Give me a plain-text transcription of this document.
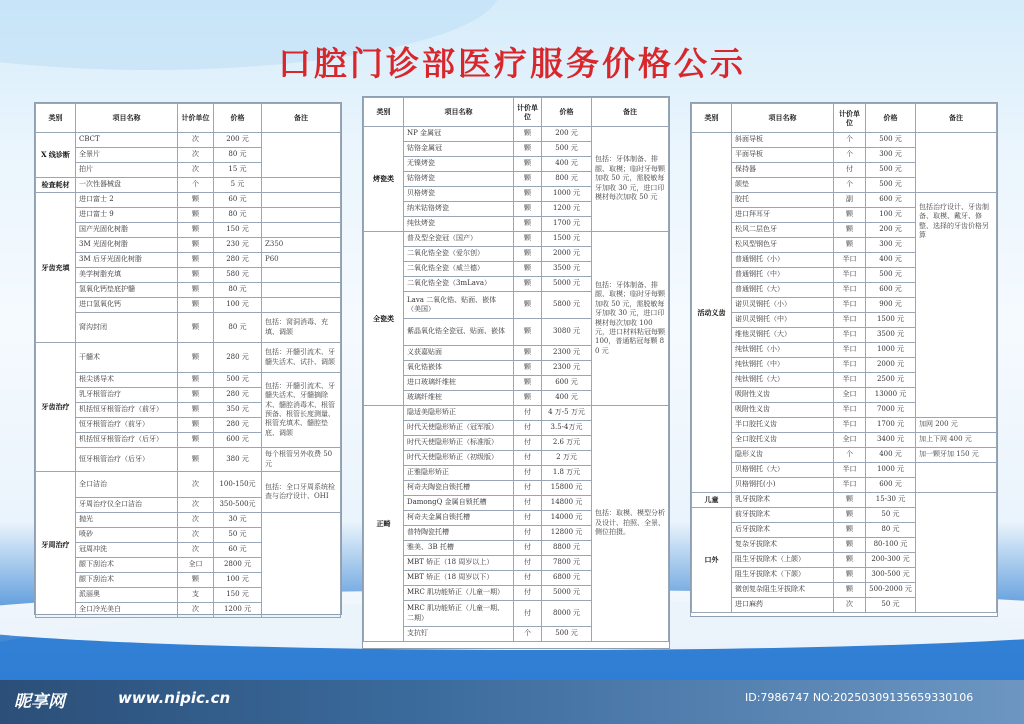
口腔门诊部医疗服务价格公示
类别	项目名称	计价单位	价格	备注
X 线诊断	CBCT	次	200 元	
	全景片	次	80 元	
	拍片	次	15 元	
检查耗材	一次性器械盘	个	5 元	
牙齿充填	进口富士 2	颗	60 元	
	进口富士 9	颗	80 元	
	国产光固化树脂	颗	150 元	
	3M 光固化树脂	颗	230 元	Z350
	3M 后牙光固化树脂	颗	280 元	P60
	美学树脂充填	颗	580 元	
	氢氧化钙垫底护髓	颗	80 元	
	进口氢氧化钙	颗	100 元	
	窝沟封闭	颗	80 元	包括：窝洞消毒、充填、调颌
牙齿治疗	干髓术	颗	280 元	包括：开髓引流术、牙髓失活术、试扑、调颌
	根尖诱导术	颗	500 元	包括：开髓引流术、牙髓失活术、牙髓摘除术、髓腔消毒术、根管预备、根管长度测量、根管充填术、髓腔垫底、调颌
	乳牙根管治疗	颗	280 元	
	机括恒牙根管治疗（前牙）	颗	350 元	
	恒牙根管治疗（前牙）	颗	280 元	
	机括恒牙根管治疗（后牙）	颗	600 元	
	恒牙根管治疗（后牙）	颗	380 元	每个根管另外收费 50 元
牙周治疗	全口洁治	次	100-150元	包括：全口牙周系统检查与治疗设计、OHI
	牙周治疗仪全口洁治	次	350-500元	
	抛光	次	30 元	
	喷砂	次	50 元	
	冠周冲洗	次	60 元	
	龈下刮治术	全口	2800 元	
	龈下刮治术	颗	100 元	
	派丽奥	支	150 元	
	全口冷光美白	次	1200 元	
类别	项目名称	计价单位	价格	备注
烤瓷类	NP 金属冠	颗	200 元	包括：牙体制备、排龈、取模；临时牙每颗加收 50 元，需脱敏每牙加收 30 元，进口印模材每次加收 50 元
	钴铬金属冠	颗	500 元	
	无镍烤瓷	颗	400 元	
	钴铬烤瓷	颗	800 元	
	贝格烤瓷	颗	1000 元	
	纳米钴铬烤瓷	颗	1200 元	
	纯钛烤瓷	颗	1700 元	
全瓷类	普及型全瓷冠（国产）	颗	1500 元	包括：牙体制备、排龈、取模；临时牙每颗加收 50 元，需脱敏每牙加收 30 元，进口印模材每次加收 100 元，进口材料粘冠每颗 100，普通粘冠每颗 80 元
	二氧化锆全瓷（爱尔创）	颗	2000 元	
	二氧化锆全瓷（威兰德）	颗	3500 元	
	二氧化锆全瓷（3mLava）	颗	5000 元	
	Lava 二氧化锆、贴面、嵌体（美国）	颗	5800 元	
	紫晶氧化锆全瓷冠、贴面、嵌体	颗	3080 元	
	义获嘉贴面	颗	2300 元	
	氧化锆嵌体	颗	2300 元	
	进口玻璃纤维桩	颗	600 元	
	玻璃纤维桩	颗	400 元	
正畸	隐适美隐形矫正	付	4 万-5 万元	包括：取模、模型分析及设计、拍照、全景、侧位拍摄。
	时代天使隐形矫正（冠军版）	付	3.5-4万元	
	时代天使隐形矫正（标准版）	付	2.6 万元	
	时代天使隐形矫正（初级版）	付	2 万元	
	正雅隐形矫正	付	1.8 万元	
	柯奇夫陶瓷自锁托槽	付	15800 元	
	DamongQ 金属自锁托槽	付	14800 元	
	柯奇夫金属自锁托槽	付	14000 元	
	普特陶瓷托槽	付	12800 元	
	雅美、3B 托槽	付	8800 元	
	MBT 矫正（18 周岁以上）	付	7800 元	
	MBT 矫正（18 周岁以下）	付	6800 元	
	MRC 肌功能矫正（儿童一期）	付	5000 元	
	MRC 肌功能矫正（儿童一期、二期）	付	8000 元	
	支抗钉	个	500 元	
类别	项目名称	计价单位	价格	备注
活动义齿	斜面导板	个	500 元	
	平面导板	个	300 元	
	保持器	付	500 元	
	颌垫	个	500 元	
	胶托	副	600 元	包括治疗设计、牙齿制备、取模、戴牙、修整、选择的牙齿价格另算
	进口拜耳牙	颗	100 元	
	松风二层色牙	颗	200 元	
	松风型钢色牙	颗	300 元	
	普通钢托（小）	半口	400 元	
	普通钢托（中）	半口	500 元	
	普通钢托（大）	半口	600 元	
	诺贝灵钢托（小）	半口	900 元	
	诺贝灵钢托（中）	半口	1500 元	
	维他灵钢托（大）	半口	3500 元	
	纯钛钢托（小）	半口	1000 元	
	纯钛钢托（中）	半口	2000 元	
	纯钛钢托（大）	半口	2500 元	
	吸附性义齿	全口	13000 元	
	吸附性义齿	半口	7000 元	
	半口胶托义齿	半口	1700 元	加网 200 元
	全口胶托义齿	全口	3400 元	加上下网 400 元
	隐形义齿	个	400 元	加一颗牙加 150 元
	贝格钢托（大）	半口	1000 元	
	贝格钢托(小)	半口	600 元	
儿童	乳牙拔除术	颗	15-30 元	
口外	前牙拔除术	颗	50 元	
	后牙拔除术	颗	80 元	
	复杂牙拔除术	颗	80-100 元	
	阻生牙拔除术（上颌）	颗	200-300 元	
	阻生牙拔除术（下颌）	颗	300-500 元	
	微创复杂阻生牙拔除术	颗	500-2000 元	
	进口麻药	次	50 元	
昵享网	www.nipic.cn	ID:7986747 NO:20250309135659330106
